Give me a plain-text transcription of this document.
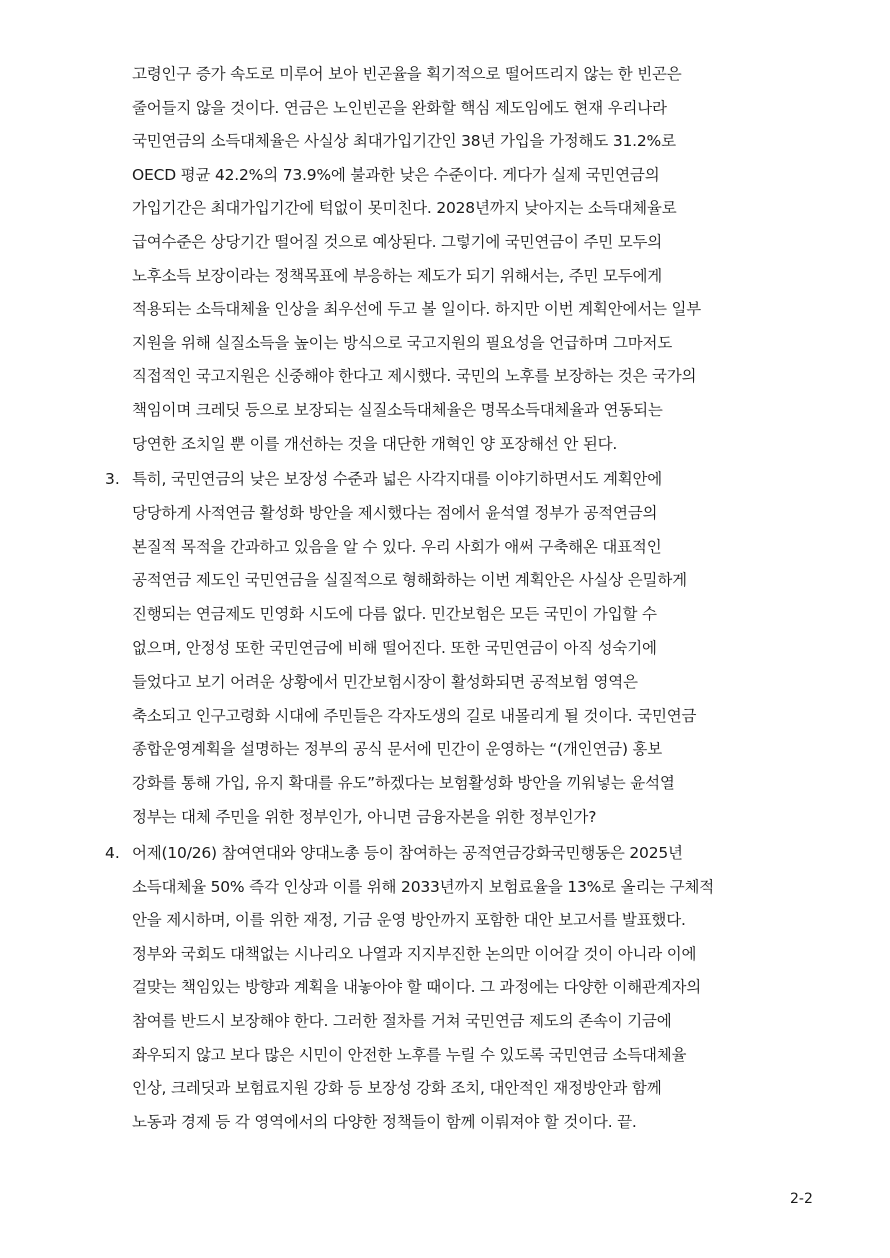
고령인구 증가 속도로 미루어 보아 빈곤율을 획기적으로 떨어뜨리지 않는 한 빈곤은
줄어들지 않을 것이다. 연금은 노인빈곤을 완화할 핵심 제도임에도 현재 우리나라
국민연금의 소득대체율은 사실상 최대가입기간인 38년 가입을 가정해도 31.2%로
OECD 평균 42.2%의 73.9%에 불과한 낮은 수준이다. 게다가 실제 국민연금의
가입기간은 최대가입기간에 턱없이 못미친다. 2028년까지 낮아지는 소득대체율로
급여수준은 상당기간 떨어질 것으로 예상된다. 그렇기에 국민연금이 주민 모두의
노후소득 보장이라는 정책목표에 부응하는 제도가 되기 위해서는, 주민 모두에게
적용되는 소득대체율 인상을 최우선에 두고 볼 일이다. 하지만 이번 계획안에서는 일부
지원을 위해 실질소득을 높이는 방식으로 국고지원의 필요성을 언급하며 그마저도
직접적인 국고지원은 신중해야 한다고 제시했다. 국민의 노후를 보장하는 것은 국가의
책임이며 크레딧 등으로 보장되는 실질소득대체율은 명목소득대체율과 연동되는
당연한 조치일 뿐 이를 개선하는 것을 대단한 개혁인 양 포장해선 안 된다.
3. 특히, 국민연금의 낮은 보장성 수준과 넓은 사각지대를 이야기하면서도 계획안에
당당하게 사적연금 활성화 방안을 제시했다는 점에서 윤석열 정부가 공적연금의
본질적 목적을 간과하고 있음을 알 수 있다. 우리 사회가 애써 구축해온 대표적인
공적연금 제도인 국민연금을 실질적으로 형해화하는 이번 계획안은 사실상 은밀하게
진행되는 연금제도 민영화 시도에 다름 없다. 민간보험은 모든 국민이 가입할 수
없으며, 안정성 또한 국민연금에 비해 떨어진다. 또한 국민연금이 아직 성숙기에
들었다고 보기 어려운 상황에서 민간보험시장이 활성화되면 공적보험 영역은
축소되고 인구고령화 시대에 주민들은 각자도생의 길로 내몰리게 될 것이다. 국민연금
종합운영계획을 설명하는 정부의 공식 문서에 민간이 운영하는 “(개인연금) 홍보
강화를 통해 가입, 유지 확대를 유도”하겠다는 보험활성화 방안을 끼워넣는 윤석열
정부는 대체 주민을 위한 정부인가, 아니면 금융자본을 위한 정부인가?
4. 어제(10/26) 참여연대와 양대노총 등이 참여하는 공적연금강화국민행동은 2025년
소득대체율 50% 즉각 인상과 이를 위해 2033년까지 보험료율을 13%로 올리는 구체적
안을 제시하며, 이를 위한 재정, 기금 운영 방안까지 포함한 대안 보고서를 발표했다.
정부와 국회도 대책없는 시나리오 나열과 지지부진한 논의만 이어갈 것이 아니라 이에
걸맞는 책임있는 방향과 계획을 내놓아야 할 때이다. 그 과정에는 다양한 이해관계자의
참여를 반드시 보장해야 한다. 그러한 절차를 거쳐 국민연금 제도의 존속이 기금에
좌우되지 않고 보다 많은 시민이 안전한 노후를 누릴 수 있도록 국민연금 소득대체율
인상, 크레딧과 보험료지원 강화 등 보장성 강화 조치, 대안적인 재정방안과 함께
노동과 경제 등 각 영역에서의 다양한 정책들이 함께 이뤄져야 할 것이다. 끝.
2-2
